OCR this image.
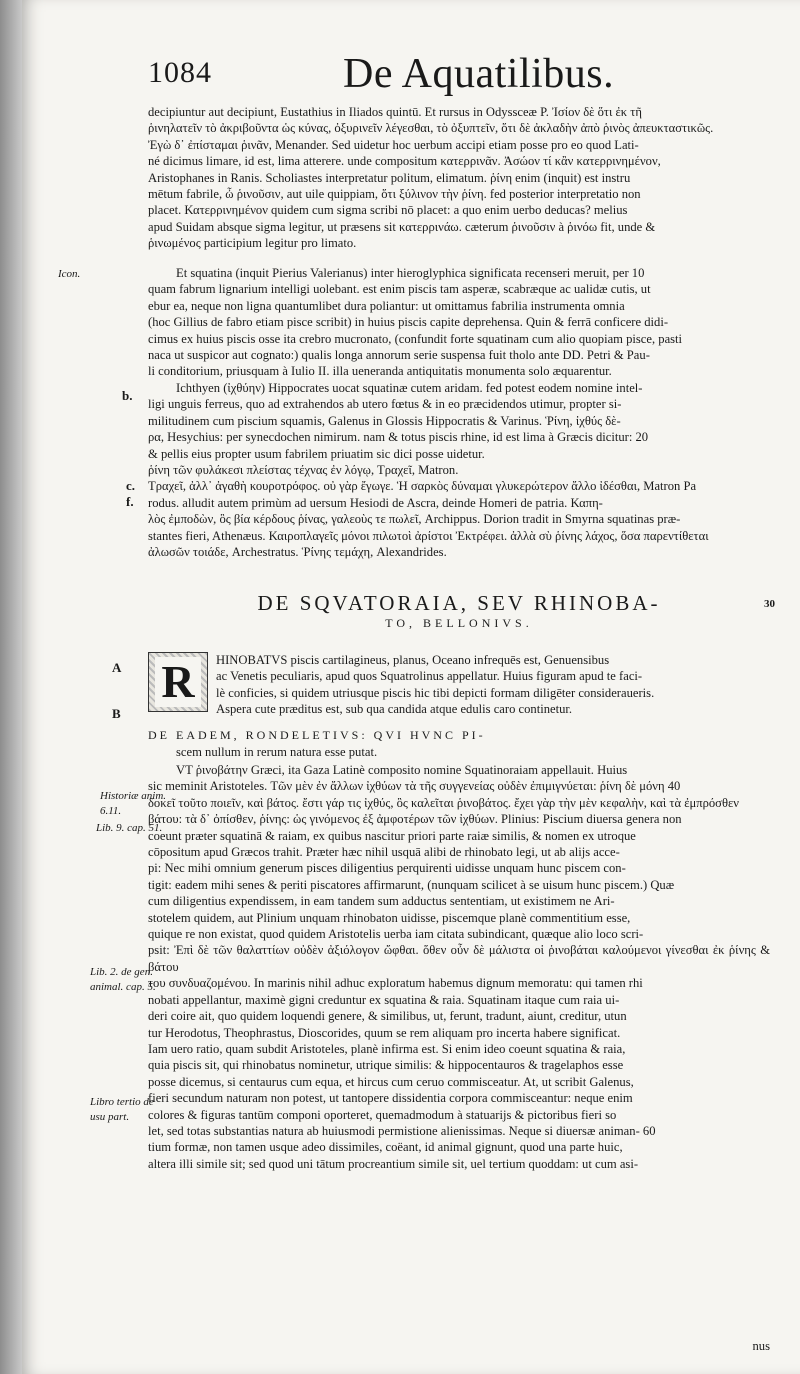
1084	De Aquatilibus.

decipiuntur aut decipiunt, Eustathius in Iliados quintū. Et rursus in Odyssceæ P. Ἰσίον δὲ ὅτι ἐκ τῆ

ῥινηλατεῖν τὸ ἀκριβοῦντα ὡς κύνας, ὀξυρινεῖν λέγεσθαι, τὸ ὀξυπτεῖν, ὅτι δὲ ἀκλαδὴν ἀπὸ ῥινὸς ἀπευκταστικῶς.

Ἐγὼ δ᾽ ἐπίσταμαι ῥινᾶν, Menander. Sed uidetur hoc uerbum accipi etiam posse pro eo quod Lati-

né dicimus limare, id est, lima atterere. unde compositum κατερρινᾶν. Ἀσώον τί κἂν κατερρινημένον,

Aristophanes in Ranis. Scholiastes interpretatur politum, elimatum. ῥίνη enim (inquit) est instru

mētum fabrile, ὦ ῥινοῦσιν, aut uile quippiam, ὅτι ξύλινον τὴν ῥίνη. fed posterior interpretatio non

placet. Κατερρινημένον quidem cum sigma scribi nō placet: a quo enim uerbo deducas? melius

apud Suidam absque sigma legitur, ut præsens sit κατερρινάω. cæterum ῥινοῦσιν à ῥινόω fit, unde &

ῥινωμένος participium legitur pro limato.

Et squatina (inquit Pierius Valerianus) inter hieroglyphica significata recenseri meruit, per 10

quam fabrum lignarium intelligi uolebant. est enim piscis tam asperæ, scabræque ac ualidæ cutis, ut

ebur ea, neque non ligna quantumlibet dura poliantur: ut omittamus fabrilia instrumenta omnia

(hoc Gillius de fabro etiam pisce scribit) in huius piscis capite deprehensa. Quin & ferrā conficere didi-

cimus ex huius piscis osse ita crebro mucronato, (confundit forte squatinam cum alio quopiam pisce, pasti

naca ut suspicor aut cognato:) qualis longa annorum serie suspensa fuit tholo ante DD. Petri & Pau-

li conditorium, priusquam à Iulio II. illa ueneranda antiquitatis monumenta solo æquarentur.

Ichthyen (ἰχθύην) Hippocrates uocat squatinæ cutem aridam. fed potest eodem nomine intel-

ligi unguis ferreus, quo ad extrahendos ab utero fœtus & in eo præcidendos utimur, propter si-

militudinem cum piscium squamis, Galenus in Glossis Hippocratis & Varinus. Ῥίνη, ἰχθύς δὲ-

ρα, Hesychius: per synecdochen nimirum. nam & totus piscis rhine, id est lima à Græcis dicitur: 20

& pellis eius propter usum fabrilem priuatim sic dici posse uidetur.

ῥίνη τῶν φυλάκεσι πλείστας τέχνας ἐν λόγῳ, Τραχεῖ, Matron.

Τραχεῖ, ἀλλ᾽ ἀγαθὴ κουροτρόφος. οὐ γὰρ ἔγωγε. Ἡ σαρκὸς δύναμαι γλυκερώτερον ἄλλο ἰδέσθαι, Matron Pa

rodus. alludit autem primùm ad uersum Hesiodi de Ascra, deinde Homeri de patria. Καπη-

λὸς ἐμποδὼν, ὃς βία κέρδους ῥίνας, γαλεοὺς τε πωλεῖ, Archippus. Dorion tradit in Smyrna squatinas præ-

stantes fieri, Athenæus. Καιροπλαγεῖς μόνοι πιλωτοὶ ἀρίστοι Ἐκτρέφει. ἀλλὰ σὺ ῥίνης λάχος, ὅσα παρεντίθεται

ἀλωσῶν τοιάδε, Archestratus. Ῥίνης τεμάχη, Alexandrides.

Icon.
b.
c.
f.
DE SQVATORAIA, SEV RHINOBA-
TO, BELLONIVS.
30
R
A
B

HINOBATVS piscis cartilagineus, planus, Oceano infrequēs est, Genuensibus

ac Venetis peculiaris, apud quos Squatrolinus appellatur. Huius figuram apud te faci-

lè conficies, si quidem utriusque piscis hic tibi depicti formam diligēter consideraueris.

Aspera cute præditus est, sub qua candida atque edulis caro continetur.

DE EADEM, RONDELETIVS: QVI HVNC PI-
scem nullum in rerum natura esse putat.

VT ῥινοβάτην Græci, ita Gaza Latinè composito nomine Squatinoraiam appellauit. Huius

sic meminit Aristoteles. Τῶν μὲν ἐν ἄλλων ἰχθύων τὰ τῆς συγγενείας οὐδὲν ἐπιμιγνύεται: ῥίνη δὲ μόνη 40

δοκεῖ τοῦτο ποιεῖν, καὶ βάτος. ἔστι γάρ τις ἰχθύς, ὃς καλεῖται ῥινοβάτος. ἔχει γὰρ τὴν μὲν κεφαλὴν, καὶ τὰ ἐμπρόσθεν

βάτου: τὰ δ᾽ ὀπίσθεν, ῥίνης: ὡς γινόμενος ἐξ ἀμφοτέρων τῶν ἰχθύων. Plinius: Piscium diuersa genera non

coeunt præter squatinā & raiam, ex quibus nascitur priori parte raiæ similis, & nomen ex utroque

cōpositum apud Græcos trahit. Præter hæc nihil usquā alibi de rhinobato legi, ut ab alijs acce-

pi: Nec mihi omnium generum pisces diligentius perquirenti uidisse unquam hunc piscem con-

tigit: eadem mihi senes & periti piscatores affirmarunt, (nunquam scilicet à se uisum hunc piscem.) Quæ

cum diligentius expendissem, in eam tandem sum adductus sententiam, ut existimem ne Ari-

stotelem quidem, aut Plinium unquam rhinobaton uidisse, piscemque planè commentitium esse,

quique re non existat, quod quidem Aristotelis uerba iam citata subindicant, quæque alio loco scri-

psit: Ἐπὶ δὲ τῶν θαλαττίων οὐδὲν ἀξιόλογον ὤφθαι. ὅθεν οὖν δὲ μάλιστα οἱ ῥινοβάται καλούμενοι γίνεσθαι ἐκ ῥίνης & βάτου

του συνδυαζομένου. In marinis nihil adhuc exploratum habemus dignum memoratu: qui tamen rhi

nobati appellantur, maximè gigni creduntur ex squatina & raia. Squatinam itaque cum raia ui-

deri coire ait, quo quidem loquendi genere, & similibus, ut, ferunt, tradunt, aiunt, creditur, utun

tur Herodotus, Theophrastus, Dioscorides, quum se rem aliquam pro incerta habere significat.

Iam uero ratio, quam subdit Aristoteles, planè infirma est. Si enim ideo coeunt squatina & raia,

quia piscis sit, qui rhinobatus nominetur, utrique similis: & hippocentauros & tragelaphos esse

posse dicemus, si centaurus cum equa, et hircus cum ceruo commisceatur. At, ut scribit Galenus,

fieri secundum naturam non potest, ut tantopere dissidentia corpora commisceantur: neque enim

colores & figuras tantūm componi oporteret, quemadmodum à statuarijs & pictoribus fieri so

let, sed totas substantias natura ab huiusmodi permistione alienissimas. Neque si diuersæ animan- 60

tium formæ, non tamen usque adeo dissimiles, coëant, id animal gignunt, quod una parte huic,

altera illi simile sit; sed quod uni tātum procreantium simile sit, uel tertium quoddam: ut cum asi-

Historiæ anim.
6.11.
Lib. 9. cap. 51.
Lib. 2. de gen.
animal. cap. 5.
Libro tertio de
usu part.
nus
